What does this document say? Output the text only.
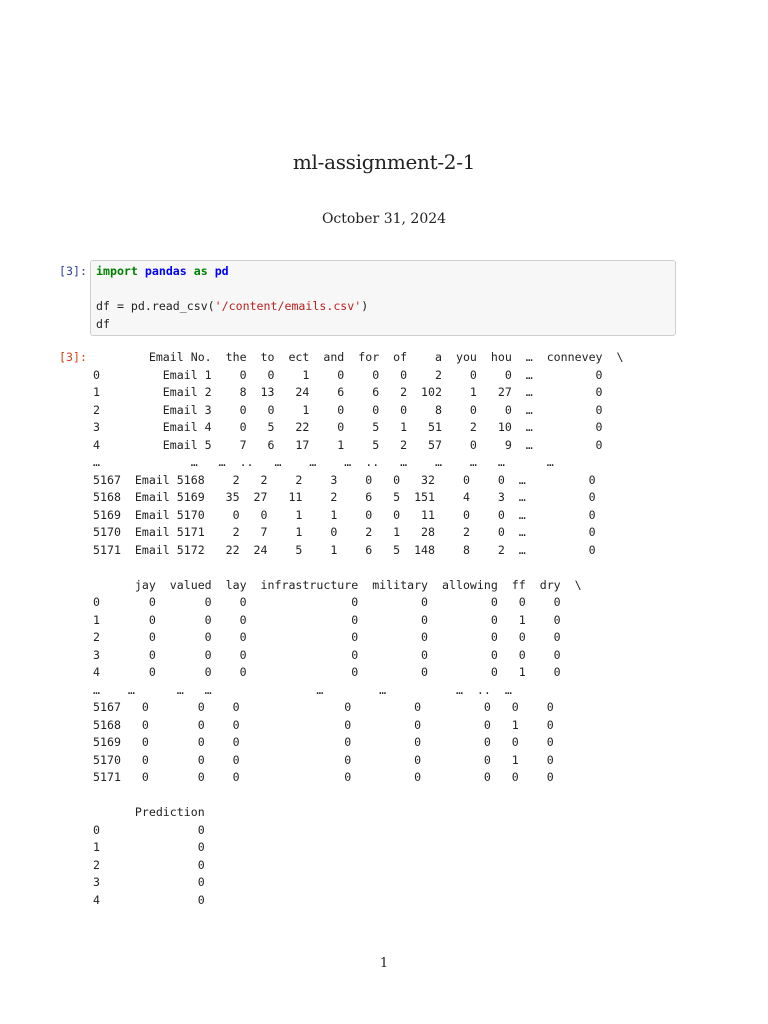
ml-assignment-2-1
October 31, 2024
[3]: import pandas as pd
df = pd.read_csv('/content/emails.csv')
df
[3]: Email No.  the  to  ect  and  for  of    a  you  hou  …  connevey  \
0         Email 1    0   0    1    0    0   0    2    0    0  …         0
1         Email 2    8  13   24    6    6   2  102    1   27  …         0
2         Email 3    0   0    1    0    0   0    8    0    0  …         0
3         Email 4    0   5   22    0    5   1   51    2   10  …         0
4         Email 5    7   6   17    1    5   2   57    0    9  …         0
…             …   …  ..   …    …    …  ..   …    …    …   …      …
5167  Email 5168    2   2    2    3    0   0   32    0    0  …         0
5168  Email 5169   35  27   11    2    6   5  151    4    3  …         0
5169  Email 5170    0   0    1    1    0   0   11    0    0  …         0
5170  Email 5171    2   7    1    0    2   1   28    2    0  …         0
5171  Email 5172   22  24    5    1    6   5  148    8    2  …         0
jay  valued  lay  infrastructure  military  allowing  ff  dry  \
0       0       0    0               0         0         0   0    0
1       0       0    0               0         0         0   1    0
2       0       0    0               0         0         0   0    0
3       0       0    0               0         0         0   0    0
4       0       0    0               0         0         0   1    0
…    …      …   …               …        …          …  ..  …
5167   0       0    0               0         0         0   0    0
5168   0       0    0               0         0         0   1    0
5169   0       0    0               0         0         0   0    0
5170   0       0    0               0         0         0   1    0
5171   0       0    0               0         0         0   0    0
Prediction
0              0
1              0
2              0
3              0
4              0
1
